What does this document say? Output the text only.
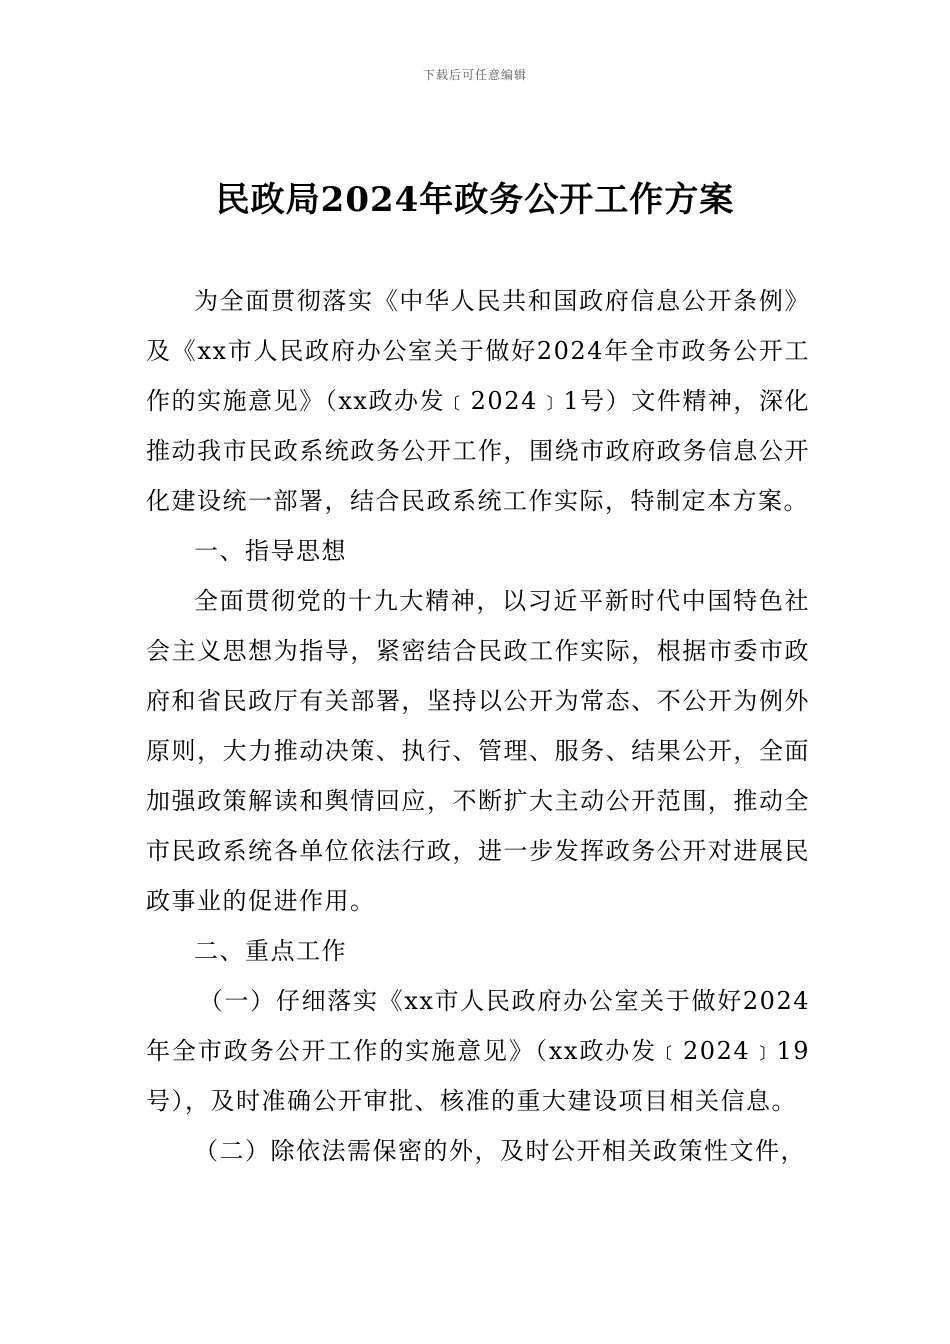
下载后可任意编辑
民政局2024年政务公开工作方案

为全面贯彻落实《中华人民共和国政府信息公开条例》及《xx市人民政府办公室关于做好2024年全市政务公开工作的实施意见》（xx政办发﹝2024﹞1号）文件精神，深化推动我市民政系统政务公开工作，围绕市政府政务信息公开化建设统一部署，结合民政系统工作实际，特制定本方案。

一、指导思想

全面贯彻党的十九大精神，以习近平新时代中国特色社会主义思想为指导，紧密结合民政工作实际，根据市委市政府和省民政厅有关部署，坚持以公开为常态、不公开为例外原则，大力推动决策、执行、管理、服务、结果公开，全面加强政策解读和舆情回应，不断扩大主动公开范围，推动全市民政系统各单位依法行政，进一步发挥政务公开对进展民政事业的促进作用。

二、重点工作

（一）仔细落实《xx市人民政府办公室关于做好2024年全市政务公开工作的实施意见》（xx政办发﹝2024﹞19号），及时准确公开审批、核准的重大建设项目相关信息。

（二）除依法需保密的外，及时公开相关政策性文件，
